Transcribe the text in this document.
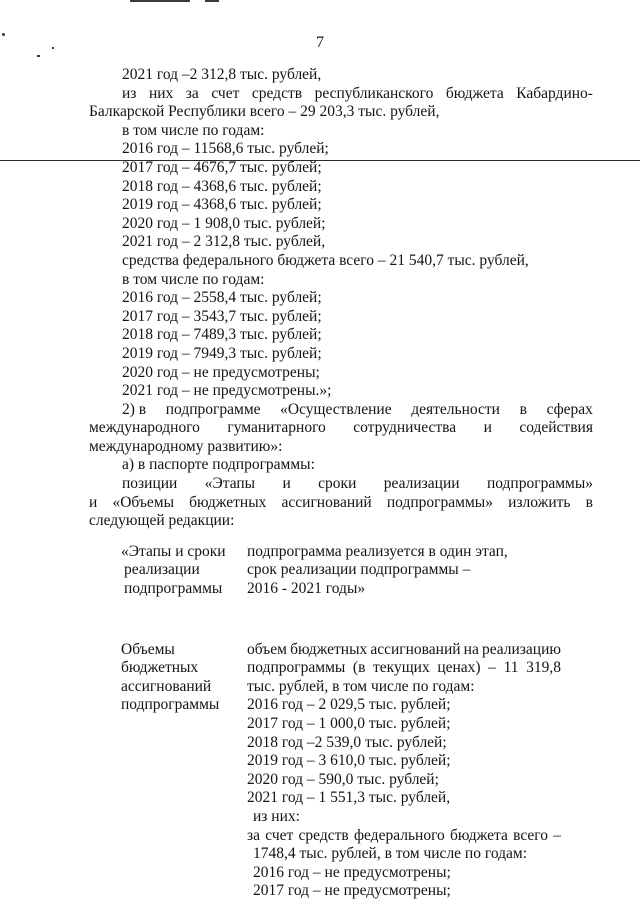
7
2021 год –2 312,8 тыс. рублей,
из них за счет средств республиканского бюджета Кабардино-
Балкарской Республики всего – 29 203,3 тыс. рублей,
в том числе по годам:
2016 год – 11568,6 тыс. рублей;
2017 год – 4676,7 тыс. рублей;
2018 год – 4368,6 тыс. рублей;
2019 год – 4368,6 тыс. рублей;
2020 год – 1 908,0 тыс. рублей;
2021 год – 2 312,8 тыс. рублей,
средства федерального бюджета всего – 21 540,7 тыс. рублей,
в том числе по годам:
2016 год – 2558,4 тыс. рублей;
2017 год – 3543,7 тыс. рублей;
2018 год – 7489,3 тыс. рублей;
2019 год – 7949,3 тыс. рублей;
2020 год – не предусмотрены;
2021 год – не предусмотрены.»;
2) в подпрограмме «Осуществление деятельности в сферах
международного гуманитарного сотрудничества и содействия
международному развитию»:
а) в паспорте подпрограммы:
позиции «Этапы и сроки реализации подпрограммы»
и «Объемы бюджетных ассигнований подпрограммы» изложить в
следующей редакции:
«Этапы и сроки
реализации
подпрограммы
подпрограмма реализуется в один этап,
срок реализации подпрограммы –
2016 - 2021 годы»
Объемы
бюджетных
ассигнований
подпрограммы
объем бюджетных ассигнований на реализацию
подпрограммы (в текущих ценах) – 11 319,8
тыс. рублей, в том числе по годам:
2016 год – 2 029,5 тыс. рублей;
2017 год – 1 000,0 тыс. рублей;
2018 год –2 539,0 тыс. рублей;
2019 год – 3 610,0 тыс. рублей;
2020 год – 590,0 тыс. рублей;
2021 год – 1 551,3 тыс. рублей,
из них:
за счет средств федерального бюджета всего –
1748,4 тыс. рублей, в том числе по годам:
2016 год – не предусмотрены;
2017 год – не предусмотрены;
